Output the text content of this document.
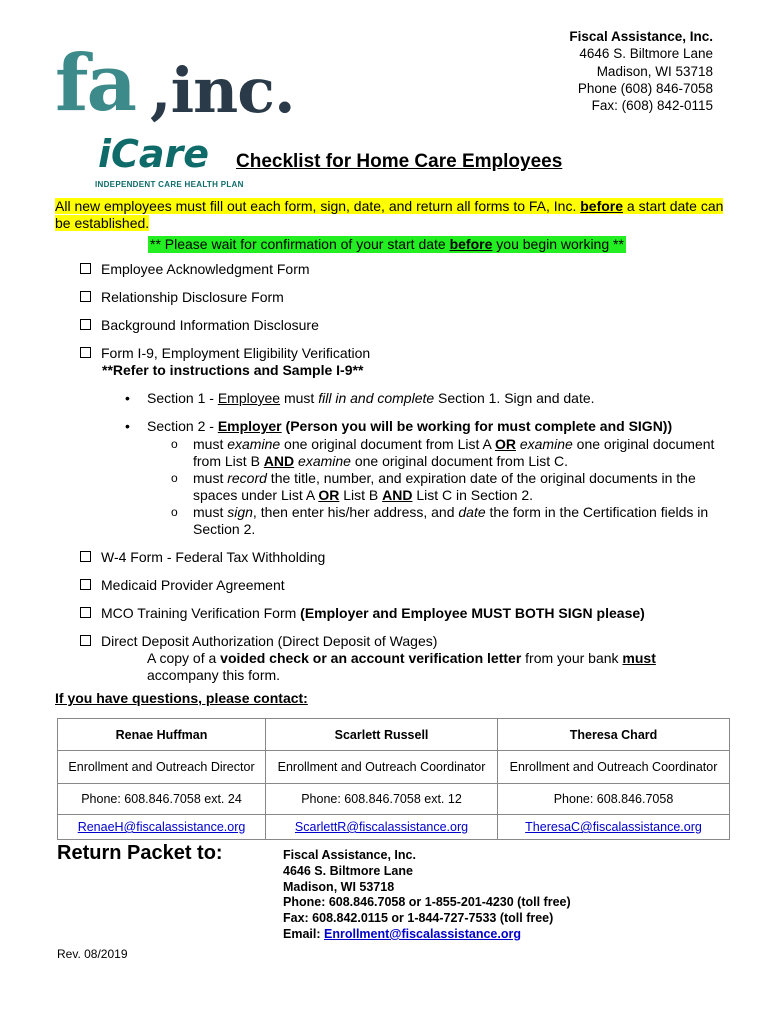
Fiscal Assistance, Inc.
4646 S. Biltmore Lane
Madison, WI 53718
Phone (608) 846-7058
Fax: (608) 842-0115
fa ,inc.
iCare
INDEPENDENT CARE HEALTH PLAN
Checklist for Home Care Employees
All new employees must fill out each form, sign, date, and return all forms to FA, Inc. before a start date can be established.
** Please wait for confirmation of your start date before you begin working **
Employee Acknowledgment Form
Relationship Disclosure Form
Background Information Disclosure
Form I-9, Employment Eligibility Verification
**Refer to instructions and Sample I-9**
• Section 1 - Employee must fill in and complete Section 1. Sign and date.
• Section 2 - Employer (Person you will be working for must complete and SIGN))
o must examine one original document from List A OR examine one original document
from List B AND examine one original document from List C.
o must record the title, number, and expiration date of the original documents in the
spaces under List A OR List B AND List C in Section 2.
o must sign, then enter his/her address, and date the form in the Certification fields in
Section 2.
W-4 Form - Federal Tax Withholding
Medicaid Provider Agreement
MCO Training Verification Form (Employer and Employee MUST BOTH SIGN please)
Direct Deposit Authorization (Direct Deposit of Wages)
A copy of a voided check or an account verification letter from your bank must
accompany this form.
If you have questions, please contact:
Renae Huffman	Scarlett Russell	Theresa Chard
Enrollment and Outreach Director	Enrollment and Outreach Coordinator	Enrollment and Outreach Coordinator
Phone: 608.846.7058 ext. 24	Phone: 608.846.7058 ext. 12	Phone: 608.846.7058
RenaeH@fiscalassistance.org	ScarlettR@fiscalassistance.org	TheresaC@fiscalassistance.org
Return Packet to:	Fiscal Assistance, Inc.
4646 S. Biltmore Lane
Madison, WI 53718
Phone: 608.846.7058 or 1-855-201-4230 (toll free)
Fax: 608.842.0115 or 1-844-727-7533 (toll free)
Email: Enrollment@fiscalassistance.org
Rev. 08/2019
